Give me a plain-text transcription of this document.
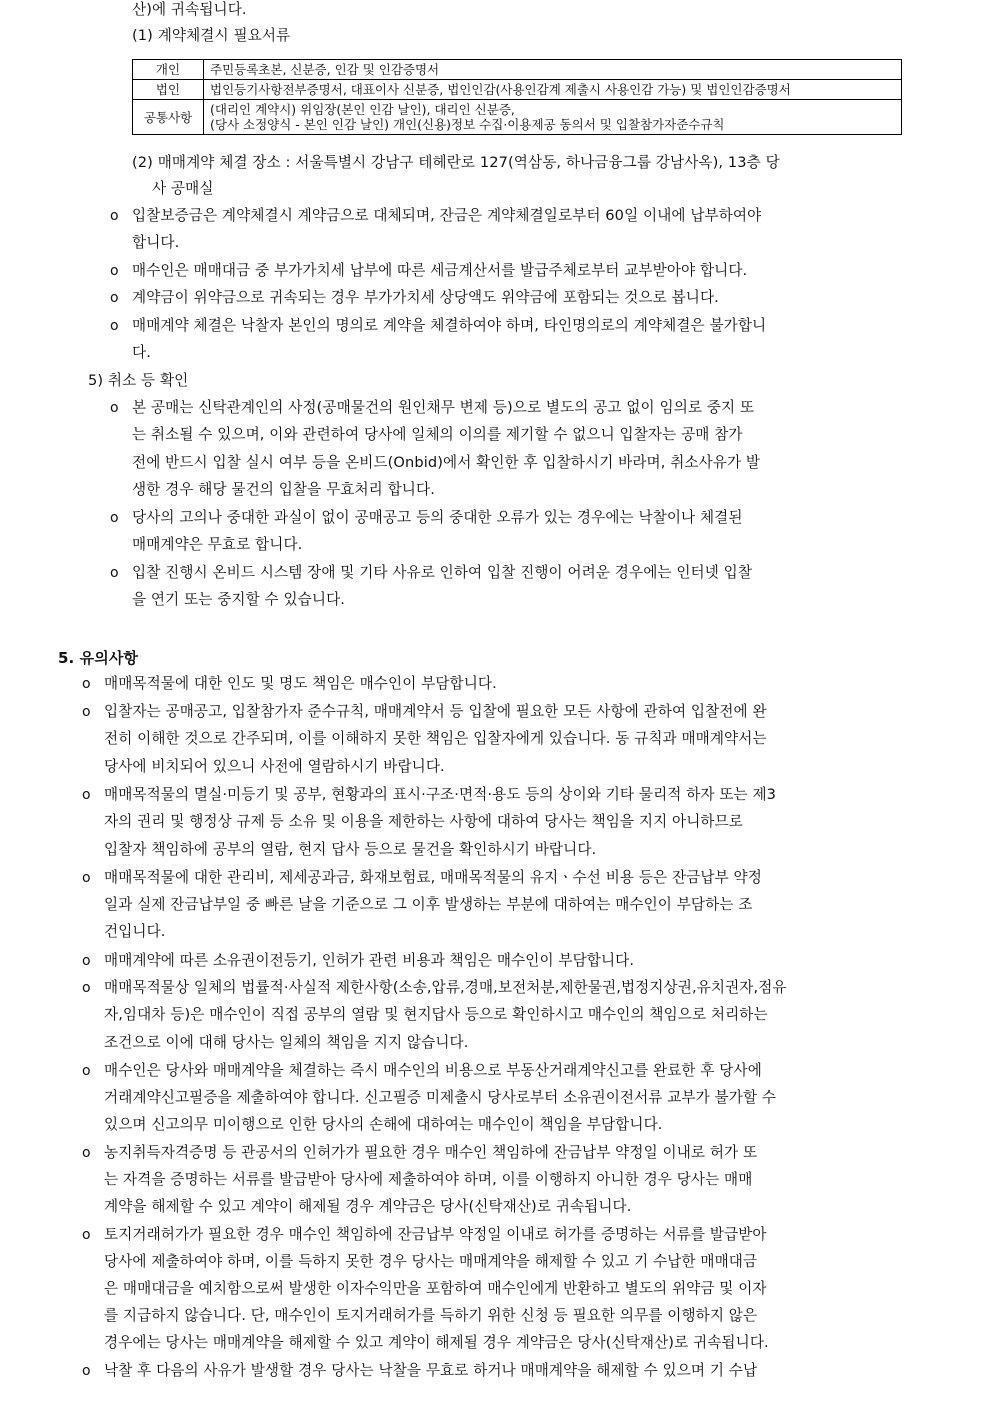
산)에 귀속됩니다.
(1) 계약체결시 필요서류
개인	주민등록초본, 신분증, 인감 및 인감증명서
법인	법인등기사항전부증명서, 대표이사 신분증, 법인인감(사용인감계 제출시 사용인감 가능) 및 법인인감증명서
공통사항	(대리인 계약시) 위임장(본인 인감 날인), 대리인 신분증,
(당사 소정양식 - 본인 인감 날인) 개인(신용)정보 수집·이용제공 동의서 및 입찰참가자준수규칙
(2) 매매계약 체결 장소 : 서울특별시 강남구 테헤란로 127(역삼동, 하나금융그룹 강남사옥), 13층 당
사 공매실
o 입찰보증금은 계약체결시 계약금으로 대체되며, 잔금은 계약체결일로부터 60일 이내에 납부하여야
합니다.
o 매수인은 매매대금 중 부가가치세 납부에 따른 세금계산서를 발급주체로부터 교부받아야 합니다.
o 계약금이 위약금으로 귀속되는 경우 부가가치세 상당액도 위약금에 포함되는 것으로 봅니다.
o 매매계약 체결은 낙찰자 본인의 명의로 계약을 체결하여야 하며, 타인명의로의 계약체결은 불가합니
다.
5) 취소 등 확인
o 본 공매는 신탁관계인의 사정(공매물건의 원인채무 변제 등)으로 별도의 공고 없이 임의로 중지 또
는 취소될 수 있으며, 이와 관련하여 당사에 일체의 이의를 제기할 수 없으니 입찰자는 공매 참가
전에 반드시 입찰 실시 여부 등을 온비드(Onbid)에서 확인한 후 입찰하시기 바라며, 취소사유가 발
생한 경우 해당 물건의 입찰을 무효처리 합니다.
o 당사의 고의나 중대한 과실이 없이 공매공고 등의 중대한 오류가 있는 경우에는 낙찰이나 체결된
매매계약은 무효로 합니다.
o 입찰 진행시 온비드 시스템 장애 및 기타 사유로 인하여 입찰 진행이 어려운 경우에는 인터넷 입찰
을 연기 또는 중지할 수 있습니다.
5. 유의사항
o 매매목적물에 대한 인도 및 명도 책임은 매수인이 부담합니다.
o 입찰자는 공매공고, 입찰참가자 준수규칙, 매매계약서 등 입찰에 필요한 모든 사항에 관하여 입찰전에 완
전히 이해한 것으로 간주되며, 이를 이해하지 못한 책임은 입찰자에게 있습니다. 동 규칙과 매매계약서는
당사에 비치되어 있으니 사전에 열람하시기 바랍니다.
o 매매목적물의 멸실·미등기 및 공부, 현황과의 표시·구조·면적·용도 등의 상이와 기타 물리적 하자 또는 제3
자의 권리 및 행정상 규제 등 소유 및 이용을 제한하는 사항에 대하여 당사는 책임을 지지 아니하므로
입찰자 책임하에 공부의 열람, 현지 답사 등으로 물건을 확인하시기 바랍니다.
o 매매목적물에 대한 관리비, 제세공과금, 화재보험료, 매매목적물의 유지ㆍ수선 비용 등은 잔금납부 약정
일과 실제 잔금납부일 중 빠른 날을 기준으로 그 이후 발생하는 부분에 대하여는 매수인이 부담하는 조
건입니다.
o 매매계약에 따른 소유권이전등기, 인허가 관련 비용과 책임은 매수인이 부담합니다.
o 매매목적물상 일체의 법률적·사실적 제한사항(소송,압류,경매,보전처분,제한물권,법정지상권,유치권자,점유
자,임대차 등)은 매수인이 직접 공부의 열람 및 현지답사 등으로 확인하시고 매수인의 책임으로 처리하는
조건으로 이에 대해 당사는 일체의 책임을 지지 않습니다.
o 매수인은 당사와 매매계약을 체결하는 즉시 매수인의 비용으로 부동산거래계약신고를 완료한 후 당사에
거래계약신고필증을 제출하여야 합니다. 신고필증 미제출시 당사로부터 소유권이전서류 교부가 불가할 수
있으며 신고의무 미이행으로 인한 당사의 손해에 대하여는 매수인이 책임을 부담합니다.
o 농지취득자격증명 등 관공서의 인허가가 필요한 경우 매수인 책임하에 잔금납부 약정일 이내로 허가 또
는 자격을 증명하는 서류를 발급받아 당사에 제출하여야 하며, 이를 이행하지 아니한 경우 당사는 매매
계약을 해제할 수 있고 계약이 해제될 경우 계약금은 당사(신탁재산)로 귀속됩니다.
o 토지거래허가가 필요한 경우 매수인 책임하에 잔금납부 약정일 이내로 허가를 증명하는 서류를 발급받아
당사에 제출하여야 하며, 이를 득하지 못한 경우 당사는 매매계약을 해제할 수 있고 기 수납한 매매대금
은 매매대금을 예치함으로써 발생한 이자수익만을 포함하여 매수인에게 반환하고 별도의 위약금 및 이자
를 지급하지 않습니다. 단, 매수인이 토지거래허가를 득하기 위한 신청 등 필요한 의무를 이행하지 않은
경우에는 당사는 매매계약을 해제할 수 있고 계약이 해제될 경우 계약금은 당사(신탁재산)로 귀속됩니다.
o 낙찰 후 다음의 사유가 발생할 경우 당사는 낙찰을 무효로 하거나 매매계약을 해제할 수 있으며 기 수납
